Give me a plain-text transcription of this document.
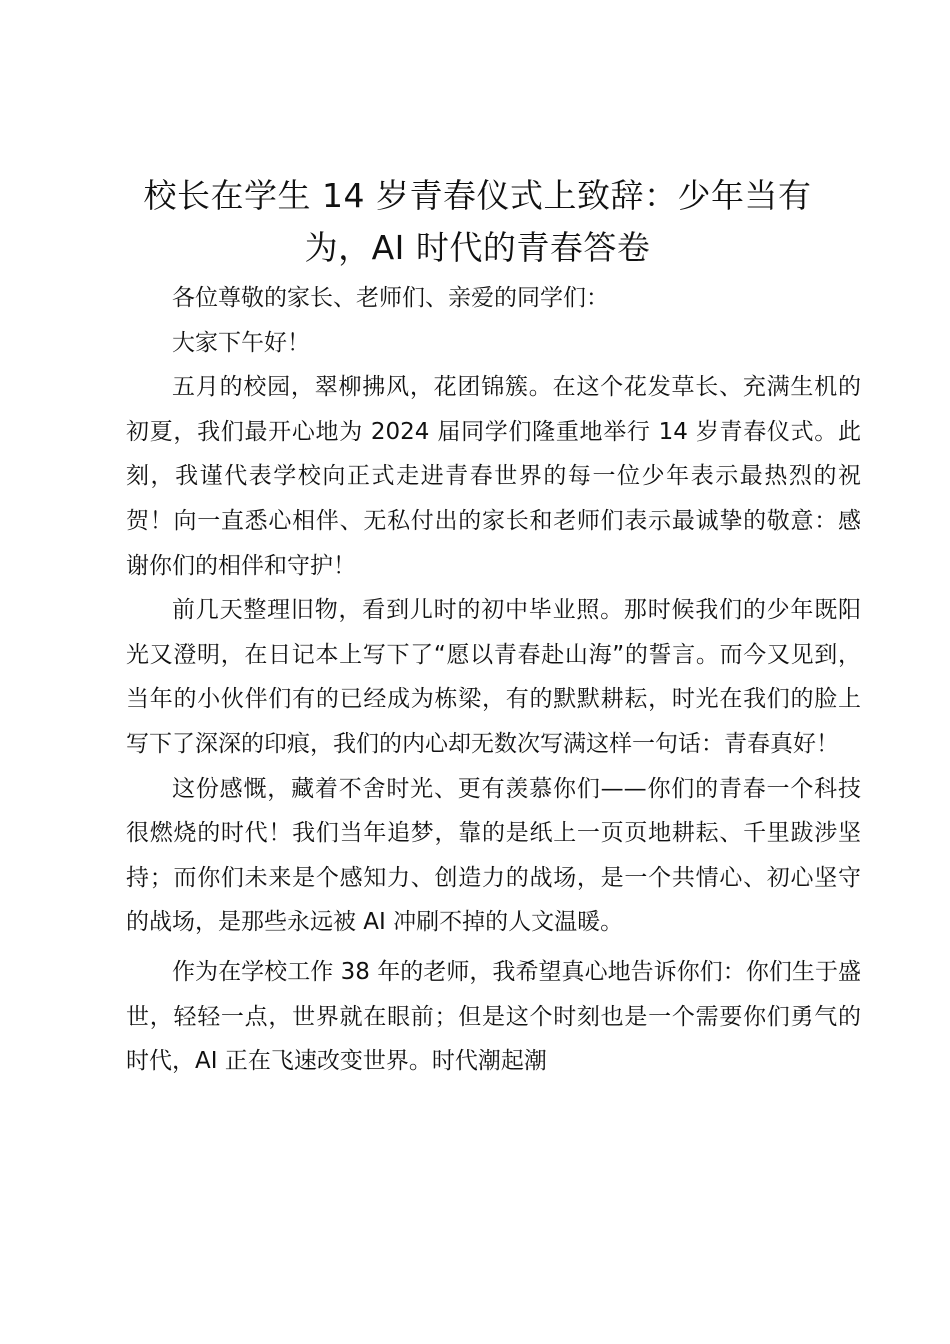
校长在学生 14 岁青春仪式上致辞：少年当有
为，AI 时代的青春答卷

各位尊敬的家长、老师们、亲爱的同学们：

大家下午好！

五月的校园，翠柳拂风，花团锦簇。在这个花发草长、充满生机的初夏，我们最开心地为 2024 届同学们隆重地举行 14 岁青春仪式。此刻，我谨代表学校向正式走进青春世界的每一位少年表示最热烈的祝贺！向一直悉心相伴、无私付出的家长和老师们表示最诚挚的敬意：感谢你们的相伴和守护！

前几天整理旧物，看到儿时的初中毕业照。那时候我们的少年既阳光又澄明，在日记本上写下了“愿以青春赴山海”的誓言。而今又见到，当年的小伙伴们有的已经成为栋梁，有的默默耕耘，时光在我们的脸上写下了深深的印痕，我们的内心却无数次写满这样一句话：青春真好！

这份感慨，藏着不舍时光、更有羡慕你们——你们的青春一个科技很燃烧的时代！我们当年追梦，靠的是纸上一页页地耕耘、千里跋涉坚持；而你们未来是个感知力、创造力的战场，是一个共情心、初心坚守的战场，是那些永远被 AI 冲刷不掉的人文温暖。

作为在学校工作 38 年的老师，我希望真心地告诉你们：你们生于盛世，轻轻一点，世界就在眼前；但是这个时刻也是一个需要你们勇气的时代，AI 正在飞速改变世界。时代潮起潮
